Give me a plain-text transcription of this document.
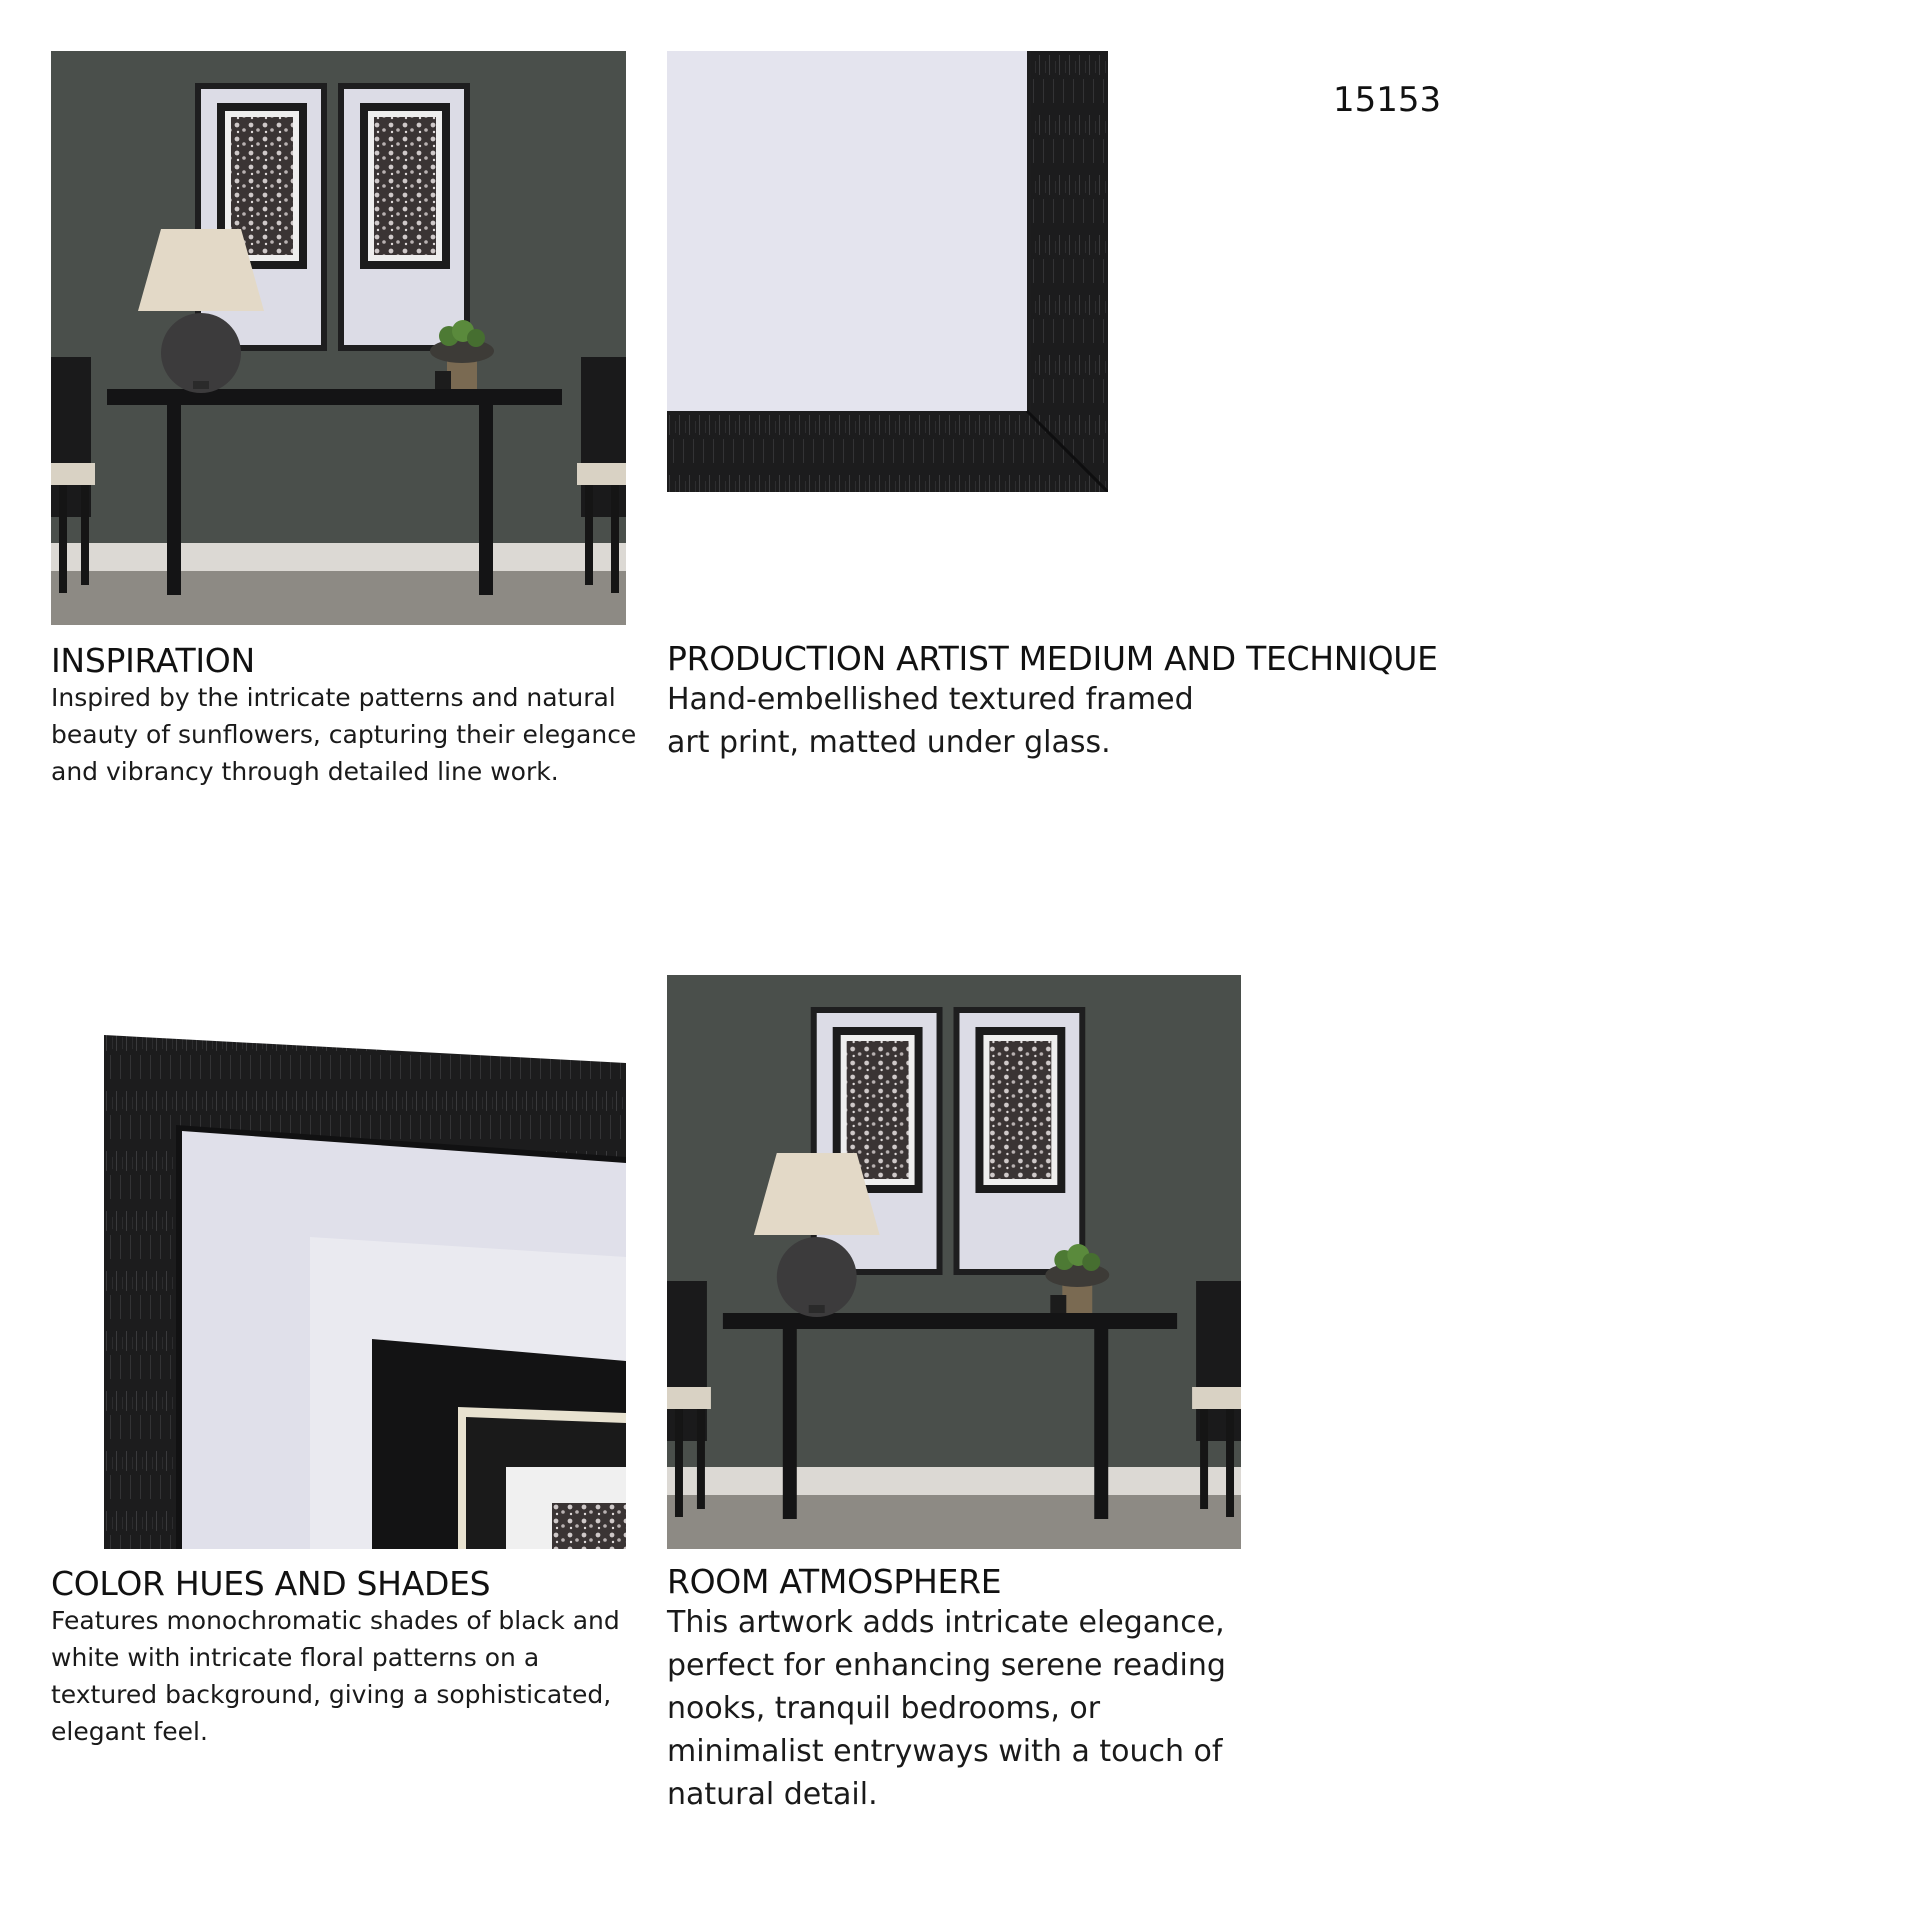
15153
INSPIRATION
Inspired by the intricate patterns and natural beauty of sunflowers, capturing their elegance and vibrancy through detailed line work.
PRODUCTION ARTIST MEDIUM AND TECHNIQUE
Hand-embellished textured framed art print, matted under glass.
COLOR HUES AND SHADES
Features monochromatic shades of black and white with intricate floral patterns on a textured background, giving a sophisticated, elegant feel.
ROOM ATMOSPHERE
This artwork adds intricate elegance, perfect for enhancing serene reading nooks, tranquil bedrooms, or minimalist entryways with a touch of natural detail.
